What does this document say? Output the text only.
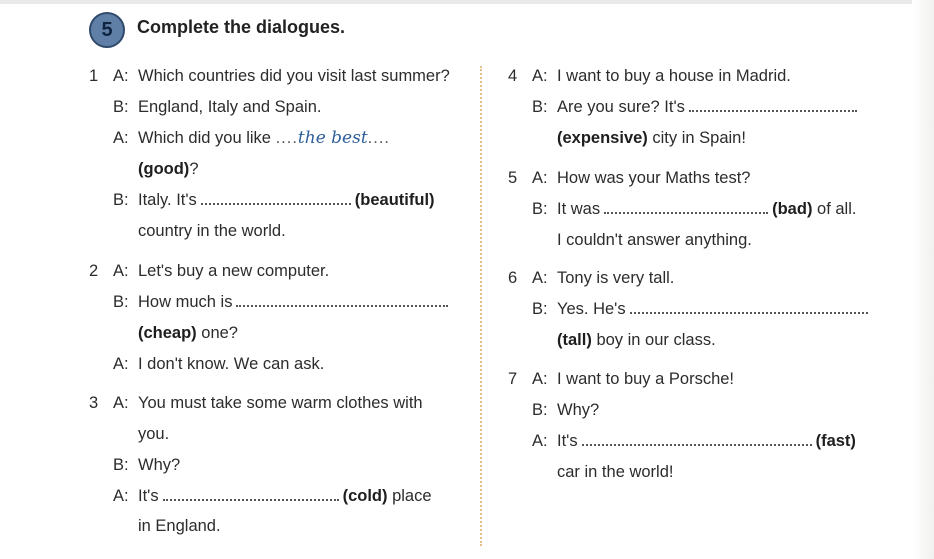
5	Complete the dialogues.
1 A: Which countries did you visit last summer?
B: England, Italy and Spain.
A: Which did you like ....the best....
(good)?
B: Italy. It's	(beautiful)
country in the world.
2 A: Let's buy a new computer.
B: How much is
(cheap) one?
A: I don't know. We can ask.
3 A: You must take some warm clothes with
you.
B: Why?
A: It's	(cold) place
in England.
4 A: I want to buy a house in Madrid.
B: Are you sure? It's
(expensive) city in Spain!
5 A: How was your Maths test?
B: It was	(bad) of all.
I couldn't answer anything.
6 A: Tony is very tall.
B: Yes. He's
(tall) boy in our class.
7 A: I want to buy a Porsche!
B: Why?
A: It's	(fast)
car in the world!
